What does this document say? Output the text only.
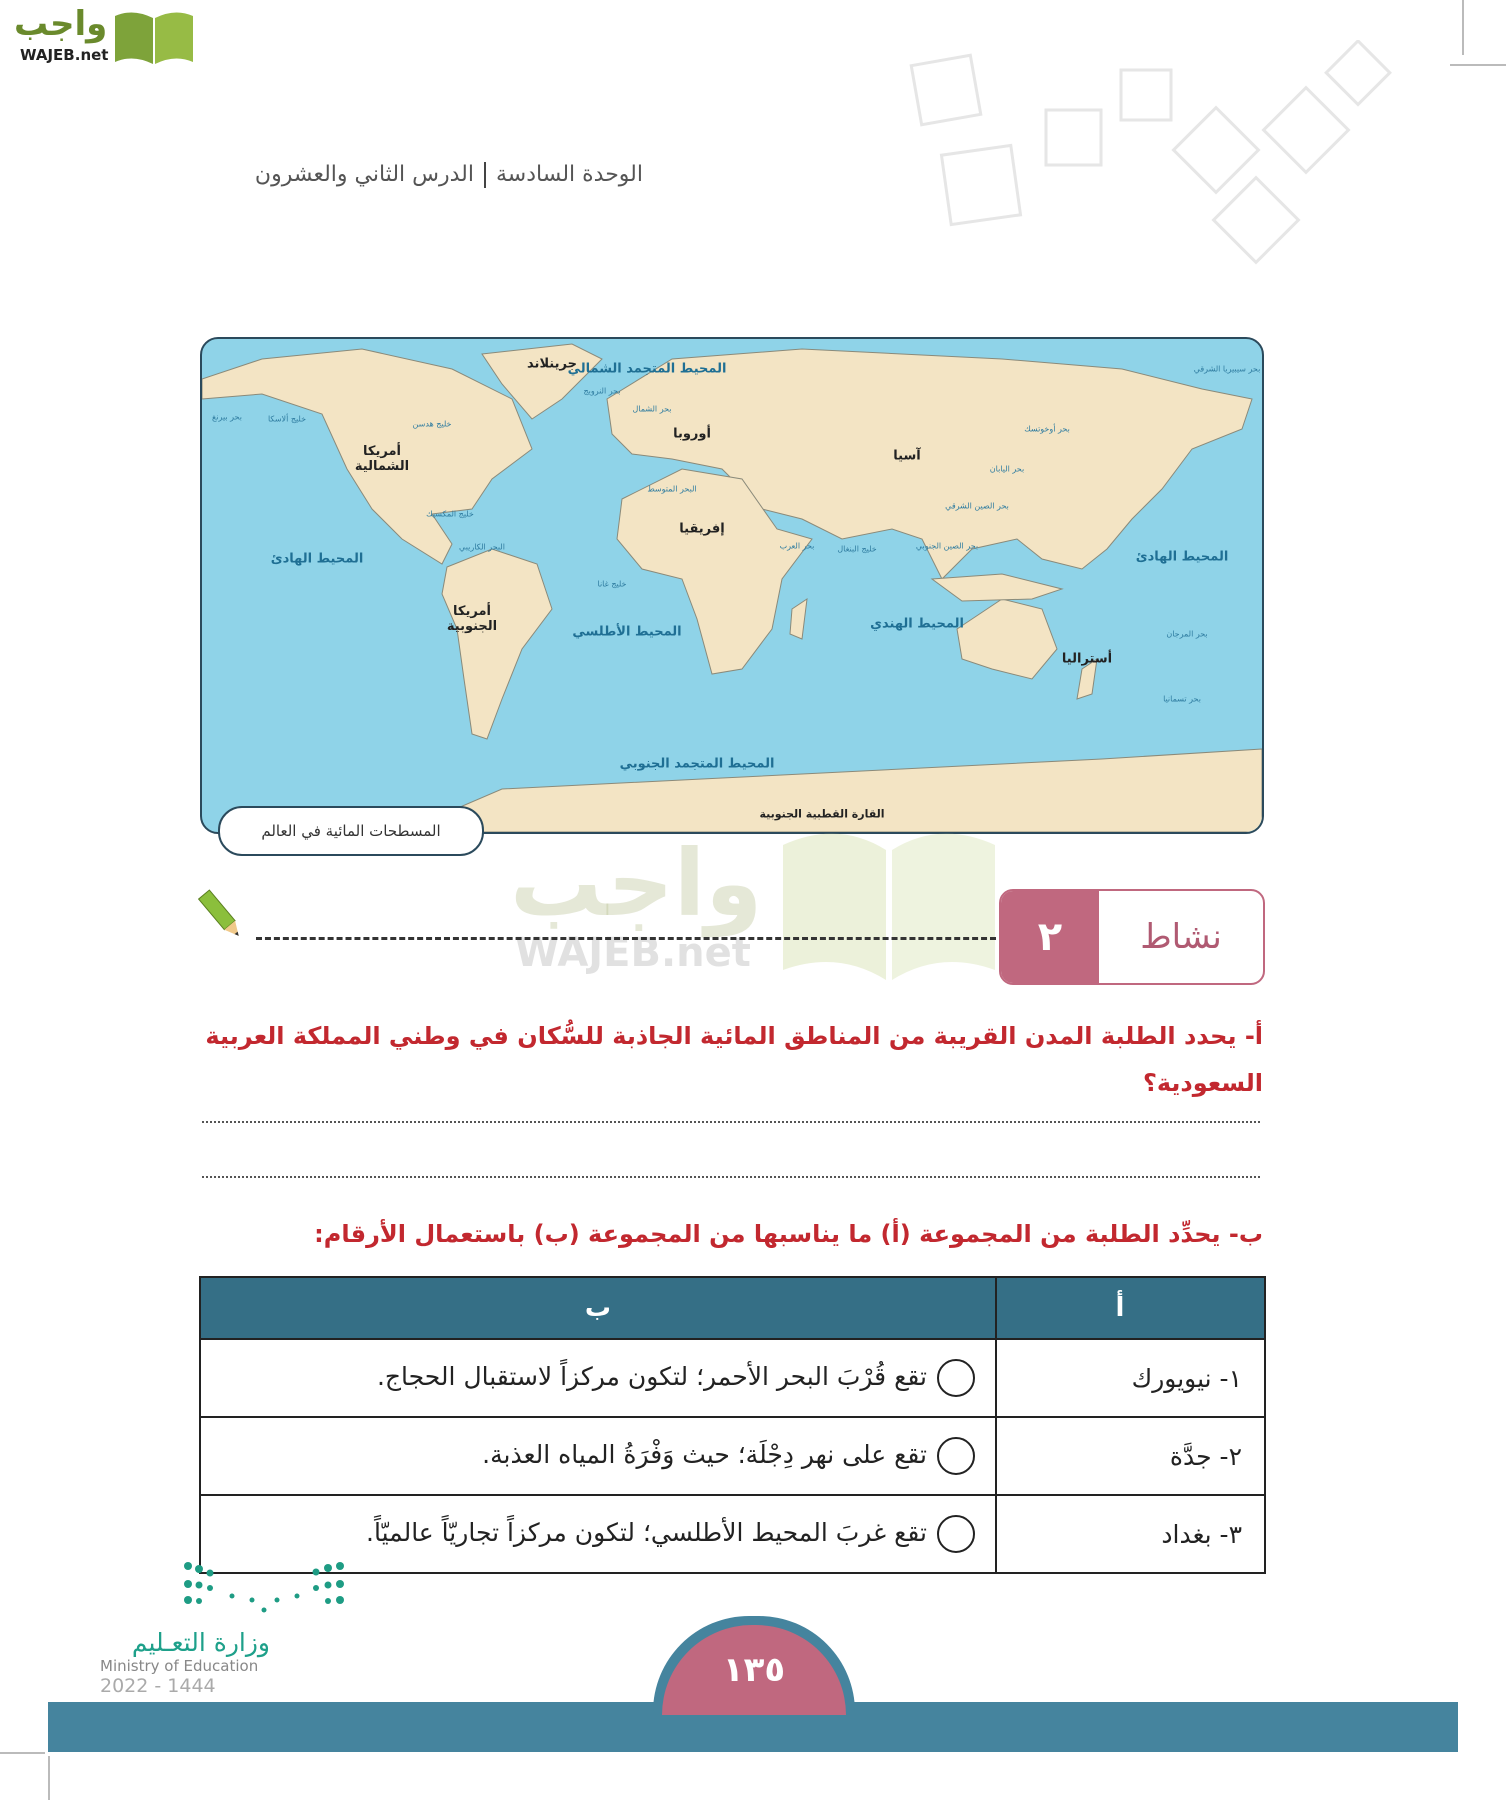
واجب
WAJEB.net
الوحدة السادسةالدرس الثاني والعشرون
جرينلاند
أمريكا الشمالية
أمريكا الجنوبية
أوروبا
إفريقيا
آسيا
أستراليا
القارة القطبية الجنوبية
المحيط المتجمد الشمالي
المحيط الهادئ	المحيط الهادئ
المحيط الأطلسي
المحيط الهندي
المحيط المتجمد الجنوبي
بحر بيرنغ	خليج ألاسكا
خليج هدسن
خليج المكسيك
البحر الكاريبي
خليج غانا
بحر النرويج
بحر الشمال
البحر المتوسط
بحر العرب	خليج البنغال	بحر الصين الجنوبي
بحر الصين الشرقي
بحر اليابان
بحر أوخوتسك
بحر سيبيريا الشرقي
بحر المرجان
بحر تسمانيا
المسطحات المائية في العالم واجب
WAJEB.net	٢	نشاط
أ- يحدد الطلبة المدن القريبة من المناطق المائية الجاذبة للسُّكان في وطني المملكة العربية السعودية؟
ب- يحدِّد الطلبة من المجموعة (أ) ما يناسبها من المجموعة (ب) باستعمال الأرقام:
أ	ب
١- نيويورك	تقع قُرْبَ البحر الأحمر؛ لتكون مركزاً لاستقبال الحجاج.
٢- جدَّة	تقع على نهر دِجْلَة؛ حيث وَفْرَةُ المياه العذبة.
٣- بغداد	تقع غربَ المحيط الأطلسي؛ لتكون مركزاً تجاريّاً عالميّاً.
وزارة التعـليم
Ministry of Education
2022 - 1444	١٣٥
